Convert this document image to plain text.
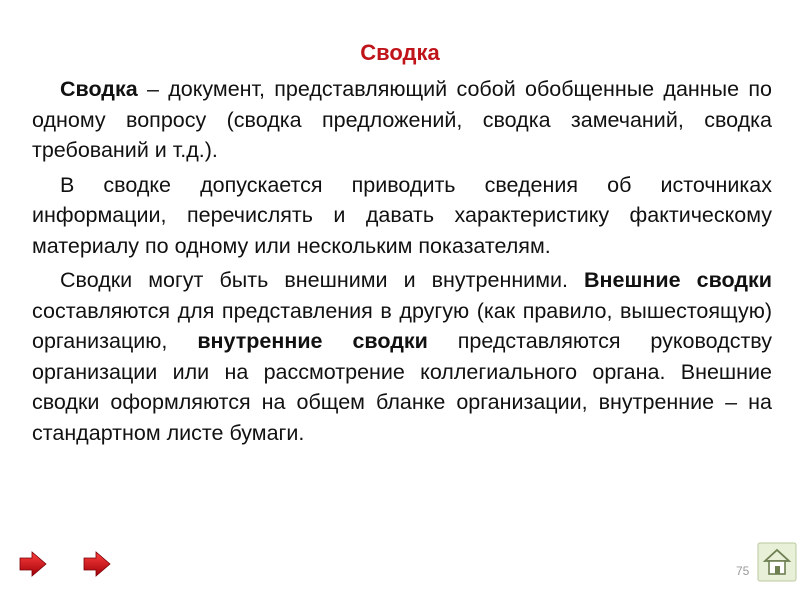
Сводка

Сводка – документ, представляющий собой обобщенные данные по одному вопросу (сводка предложений, сводка замечаний, сводка требований и т.д.).

В сводке допускается приводить сведения об источниках информации, перечислять и давать характеристику фактическому материалу по одному или нескольким показателям.

Сводки могут быть внешними и внутренними. Внешние сводки составляются для представления в другую (как правило, вышестоящую) организацию, внутренние сводки представляются руководству организации или на рассмотрение коллегиального органа. Внешние сводки оформляются на общем бланке организации, внутренние – на стандартном листе бумаги.

75
